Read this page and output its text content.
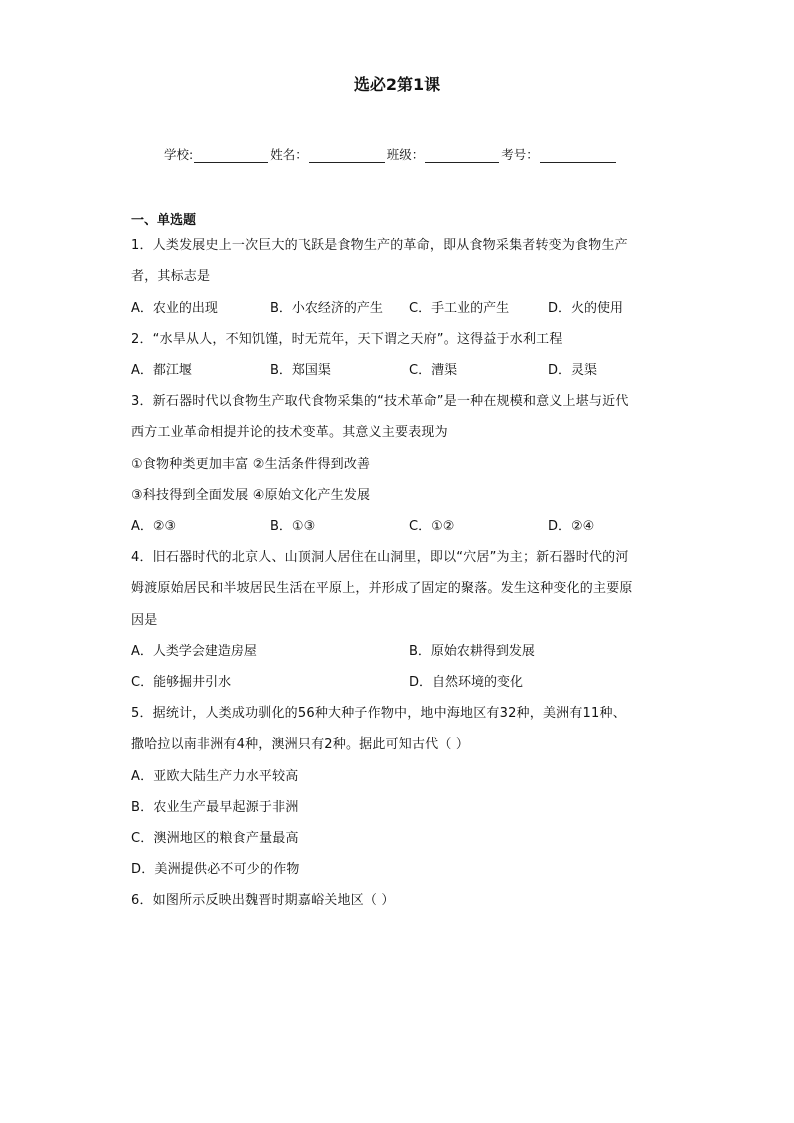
选必2第1课
学校:	姓名：	班级：	考号：
一、单选题
1．人类发展史上一次巨大的飞跃是食物生产的革命，即从食物采集者转变为食物生产
者，其标志是
A．农业的出现	B．小农经济的产生	C．手工业的产生	D．火的使用
2．“水旱从人，不知饥馑，时无荒年，天下谓之天府”。这得益于水利工程
A．都江堰	B．郑国渠	C．漕渠	D．灵渠
3．新石器时代以食物生产取代食物采集的“技术革命”是一种在规模和意义上堪与近代
西方工业革命相提并论的技术变革。其意义主要表现为
①食物种类更加丰富 ②生活条件得到改善
③科技得到全面发展 ④原始文化产生发展
A．②③	B．①③	C．①②	D．②④
4．旧石器时代的北京人、山顶洞人居住在山洞里，即以“穴居”为主；新石器时代的河
姆渡原始居民和半坡居民生活在平原上，并形成了固定的聚落。发生这种变化的主要原
因是
A．人类学会建造房屋	B．原始农耕得到发展
C．能够掘井引水	D．自然环境的变化
5．据统计，人类成功驯化的56种大种子作物中，地中海地区有32种，美洲有11种、
撒哈拉以南非洲有4种，澳洲只有2种。据此可知古代（ ）
A．亚欧大陆生产力水平较高
B．农业生产最早起源于非洲
C．澳洲地区的粮食产量最高
D．美洲提供必不可少的作物
6．如图所示反映出魏晋时期嘉峪关地区（ ）
